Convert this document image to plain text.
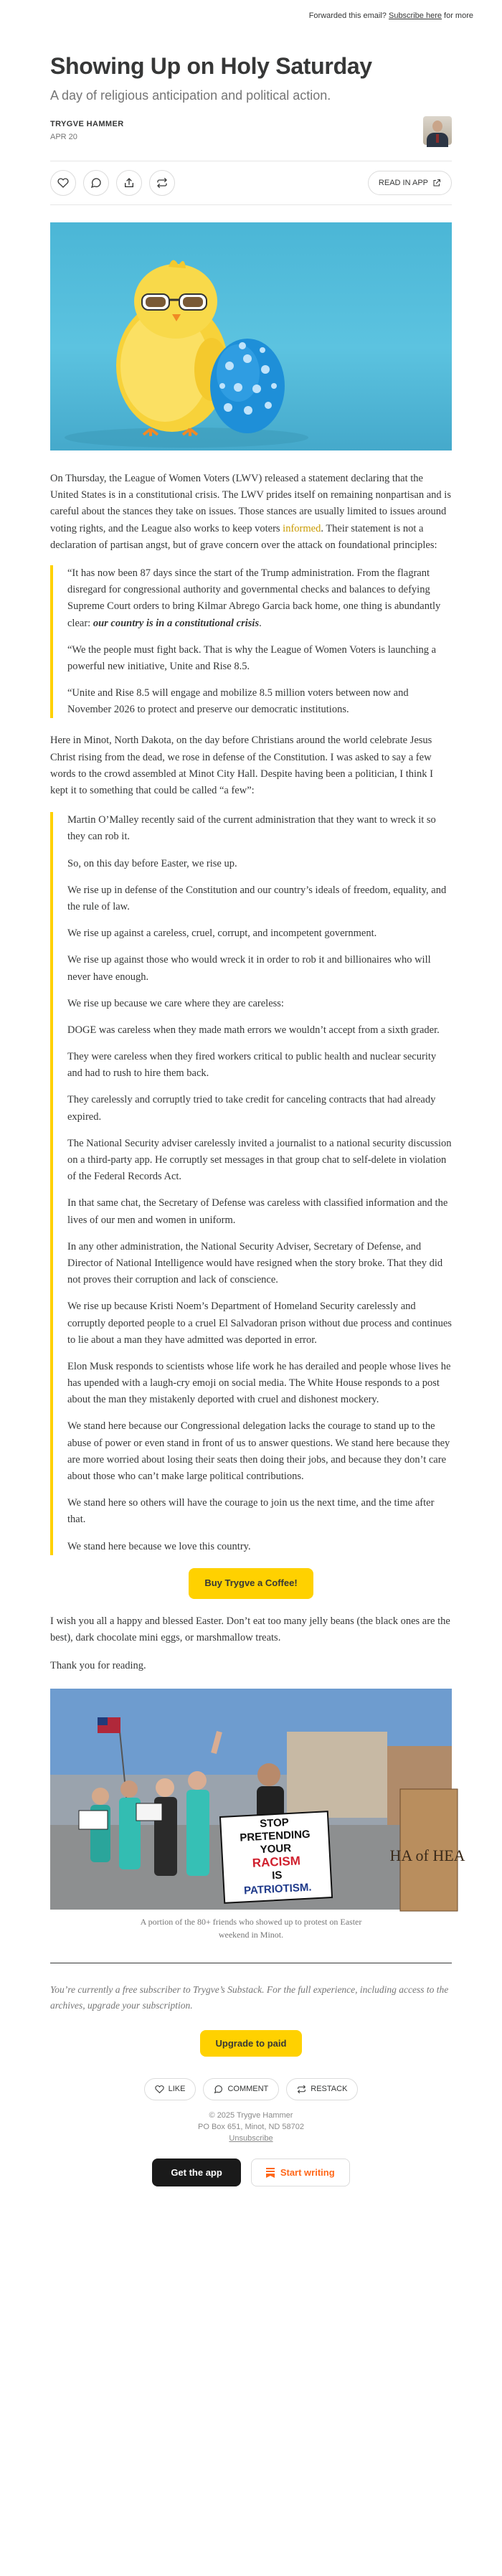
Forwarded this email? Subscribe here for more
Showing Up on Holy Saturday
A day of religious anticipation and political action.
TRYGVE HAMMER
APR 20
READ IN APP

On Thursday, the League of Women Voters (LWV) released a statement declaring that the United States is in a constitutional crisis. The LWV prides itself on remaining nonpartisan and is careful about the stances they take on issues. Those stances are usually limited to issues around voting rights, and the League also works to keep voters informed. Their statement is not a declaration of partisan angst, but of grave concern over the attack on foundational principles:

“It has now been 87 days since the start of the Trump administration. From the flagrant disregard for congressional authority and governmental checks and balances to defying Supreme Court orders to bring Kilmar Abrego Garcia back home, one thing is abundantly clear: our country is in a constitutional crisis.

“We the people must fight back. That is why the League of Women Voters is launching a powerful new initiative, Unite and Rise 8.5.

“Unite and Rise 8.5 will engage and mobilize 8.5 million voters between now and November 2026 to protect and preserve our democratic institutions.

Here in Minot, North Dakota, on the day before Christians around the world celebrate Jesus Christ rising from the dead, we rose in defense of the Constitution. I was asked to say a few words to the crowd assembled at Minot City Hall. Despite having been a politician, I think I kept it to something that could be called “a few”:

Martin O’Malley recently said of the current administration that they want to wreck it so they can rob it.

So, on this day before Easter, we rise up.

We rise up in defense of the Constitution and our country’s ideals of freedom, equality, and the rule of law.

We rise up against a careless, cruel, corrupt, and incompetent government.

We rise up against those who would wreck it in order to rob it and billionaires who will never have enough.

We rise up because we care where they are careless:

DOGE was careless when they made math errors we wouldn’t accept from a sixth grader.

They were careless when they fired workers critical to public health and nuclear security and had to rush to hire them back.

They carelessly and corruptly tried to take credit for canceling contracts that had already expired.

The National Security adviser carelessly invited a journalist to a national security discussion on a third-party app. He corruptly set messages in that group chat to self-delete in violation of the Federal Records Act.

In that same chat, the Secretary of Defense was careless with classified information and the lives of our men and women in uniform.

In any other administration, the National Security Adviser, Secretary of Defense, and Director of National Intelligence would have resigned when the story broke. That they did not proves their corruption and lack of conscience.

We rise up because Kristi Noem’s Department of Homeland Security carelessly and corruptly deported people to a cruel El Salvadoran prison without due process and continues to lie about a man they have admitted was deported in error.

Elon Musk responds to scientists whose life work he has derailed and people whose lives he has upended with a laugh-cry emoji on social media. The White House responds to a post about the man they mistakenly deported with cruel and dishonest mockery.

We stand here because our Congressional delegation lacks the courage to stand up to the abuse of power or even stand in front of us to answer questions. We stand here because they are more worried about losing their seats then doing their jobs, and because they don’t care about those who can’t make large political contributions.

We stand here so others will have the courage to join us the next time, and the time after that.

We stand here because we love this country.

Buy Trygve a Coffee!

I wish you all a happy and blessed Easter. Don’t eat too many jelly beans (the black ones are the best), dark chocolate mini eggs, or marshmallow treats.

Thank you for reading.

STOP
PRETENDING
YOUR
RACISM
IS
PATRIOTISM.
HA of HEA
A portion of the 80+ friends who showed up to protest on Easter
weekend in Minot.

You’re currently a free subscriber to Trygve’s Substack. For the full experience, including access to the archives, upgrade your subscription.

Upgrade to paid
LIKE	COMMENT	RESTACK
© 2025 Trygve Hammer
PO Box 651, Minot, ND 58702
Unsubscribe
Get the app	Start writing
